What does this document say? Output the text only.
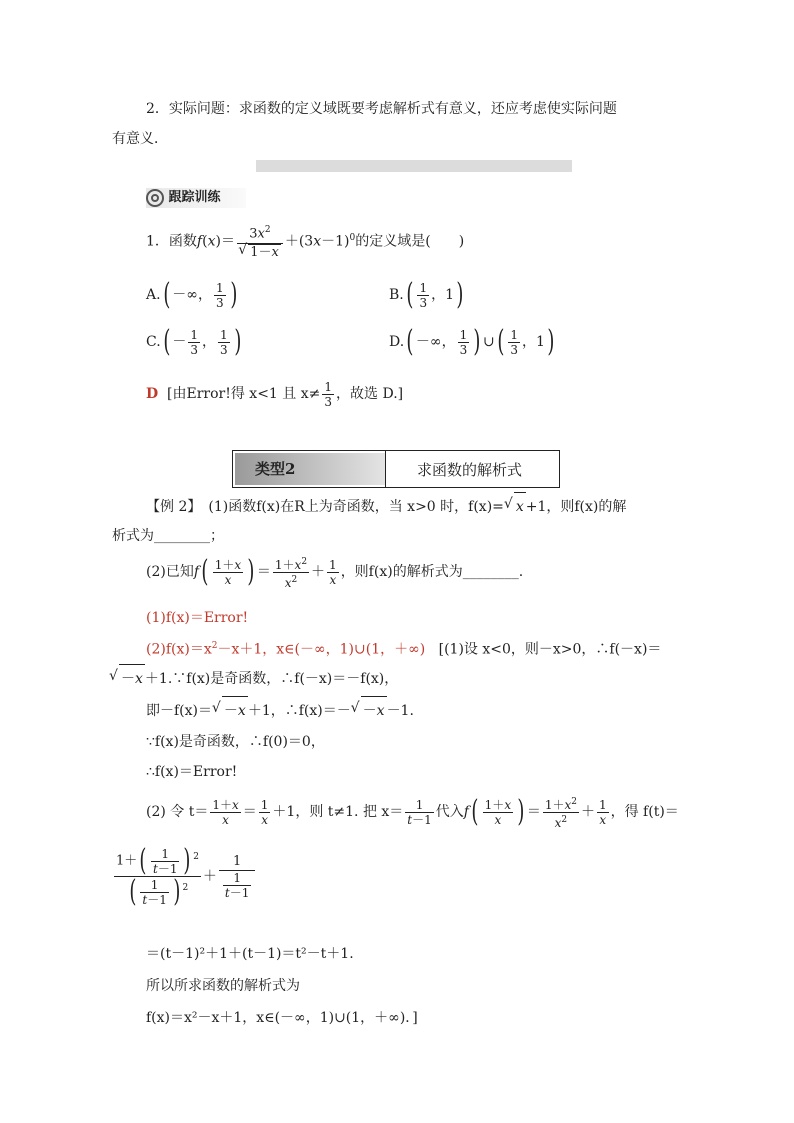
2．实际问题：求函数的定义域既要考虑解析式有意义，还应考虑使实际问题
有意义．
跟踪训练
1．函数$f(x)= 3x^2$
√ $1-x +(3x-1)^0$的定义域是(　　)
A.( －∞， $\frac{1}{3}$ )	$B.( \frac{1}{3}$ ，1)
$C.( - \frac{1}{3}$ ， $\frac{1}{3}$ )	D.( －∞， $\frac{1}{3}$ ) ∪( $\frac{1}{3}$ ，1)
D [由Error!得 x<1 且 $x\ne \frac{1}{3}$ ，故选 D.]
类型2	求函数的解析式
【例 2】　 (1)函数f(x)在R上为奇函数，当 x>0 时，f(x)= √ x +1，则f(x)的解
析式为________；
(2)已知$f( \frac{1+x}{x}$ ) ＝ $\frac{1+x^2}{x^2} + \frac{1}{x}$ ，则f(x)的解析式为________.
(1)f(x)＝Error!
$(2)f(x)=x^2-x+1$，x∈(－∞，1)∪(1，＋∞) [(1)设 x<0，则－x>0，∴f(－x)＝
√ －x ＋1.∵f(x)是奇函数，∴f(－x)＝－f(x)，
即－f(x)＝ √ －x ＋1，∴f(x)＝－ √ －x －1.
∵f(x)是奇函数，∴f(0)＝0，
∴f(x)＝Error!
(2) 令 $t= \frac{1+x}{x} = \frac{1}{x} +1$，则 t≠1. 把 $x= \frac{1}{t-1}$ 代入$f( \frac{1+x}{x}$ ) ＝ $\frac{1+x^2}{x^2} + \frac{1}{x}$ ，得 f(t)＝
$\frac{1+( \frac{1}{t-1} ) ^2}{( \frac{1}{t-1} ) ^2} + \frac{1}{\frac{1}{t-1}}$
＝(t－1)²＋1＋(t－1)＝t²－t＋1.
所以所求函数的解析式为
f(x)＝x²－x＋1，x∈(－∞，1)∪(1，＋∞)．]
